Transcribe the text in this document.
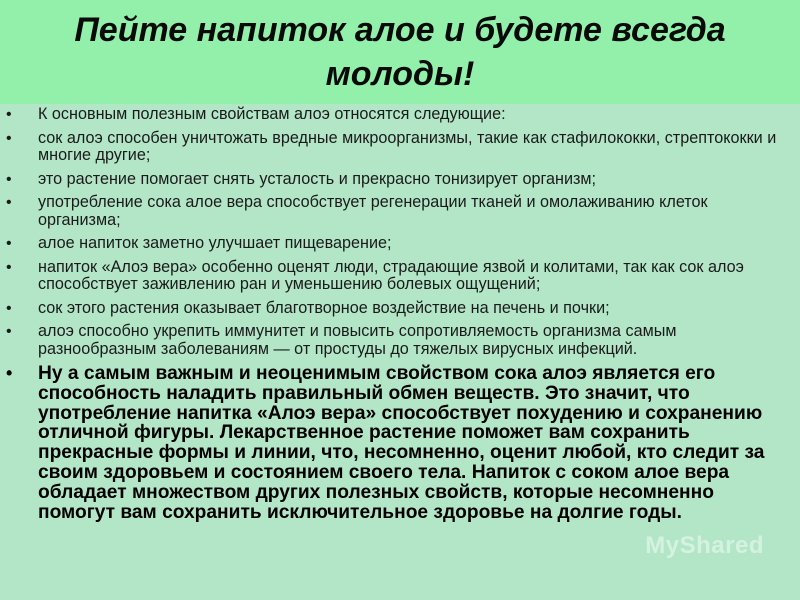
Пейте напиток алое и будете всегда молоды!
• К основным полезным свойствам алоэ относятся следующие:
• сок алоэ способен уничтожать вредные микроорганизмы, такие как стафилококки, стрептококки и многие другие;
• это растение помогает снять усталость и прекрасно тонизирует организм;
• употребление сока алое вера способствует регенерации тканей и омолаживанию клеток организма;
• алое напиток заметно улучшает пищеварение;
• напиток «Алоэ вера» особенно оценят люди, страдающие язвой и колитами, так как сок алоэ способствует заживлению ран и уменьшению болевых ощущений;
• сок этого растения оказывает благотворное воздействие на печень и почки;
• алоэ способно укрепить иммунитет и повысить сопротивляемость организма самым разнообразным заболеваниям — от простуды до тяжелых вирусных инфекций.
• Ну а самым важным и неоценимым свойством сока алоэ является его способность наладить правильный обмен веществ. Это значит, что употребление напитка «Алоэ вера» способствует похудению и сохранению отличной фигуры. Лекарственное растение поможет вам сохранить прекрасные формы и линии, что, несомненно, оценит любой, кто следит за своим здоровьем и состоянием своего тела. Напиток с соком алое вера обладает множеством других полезных свойств, которые несомненно помогут вам сохранить исключительное здоровье на долгие годы.
MyShared
